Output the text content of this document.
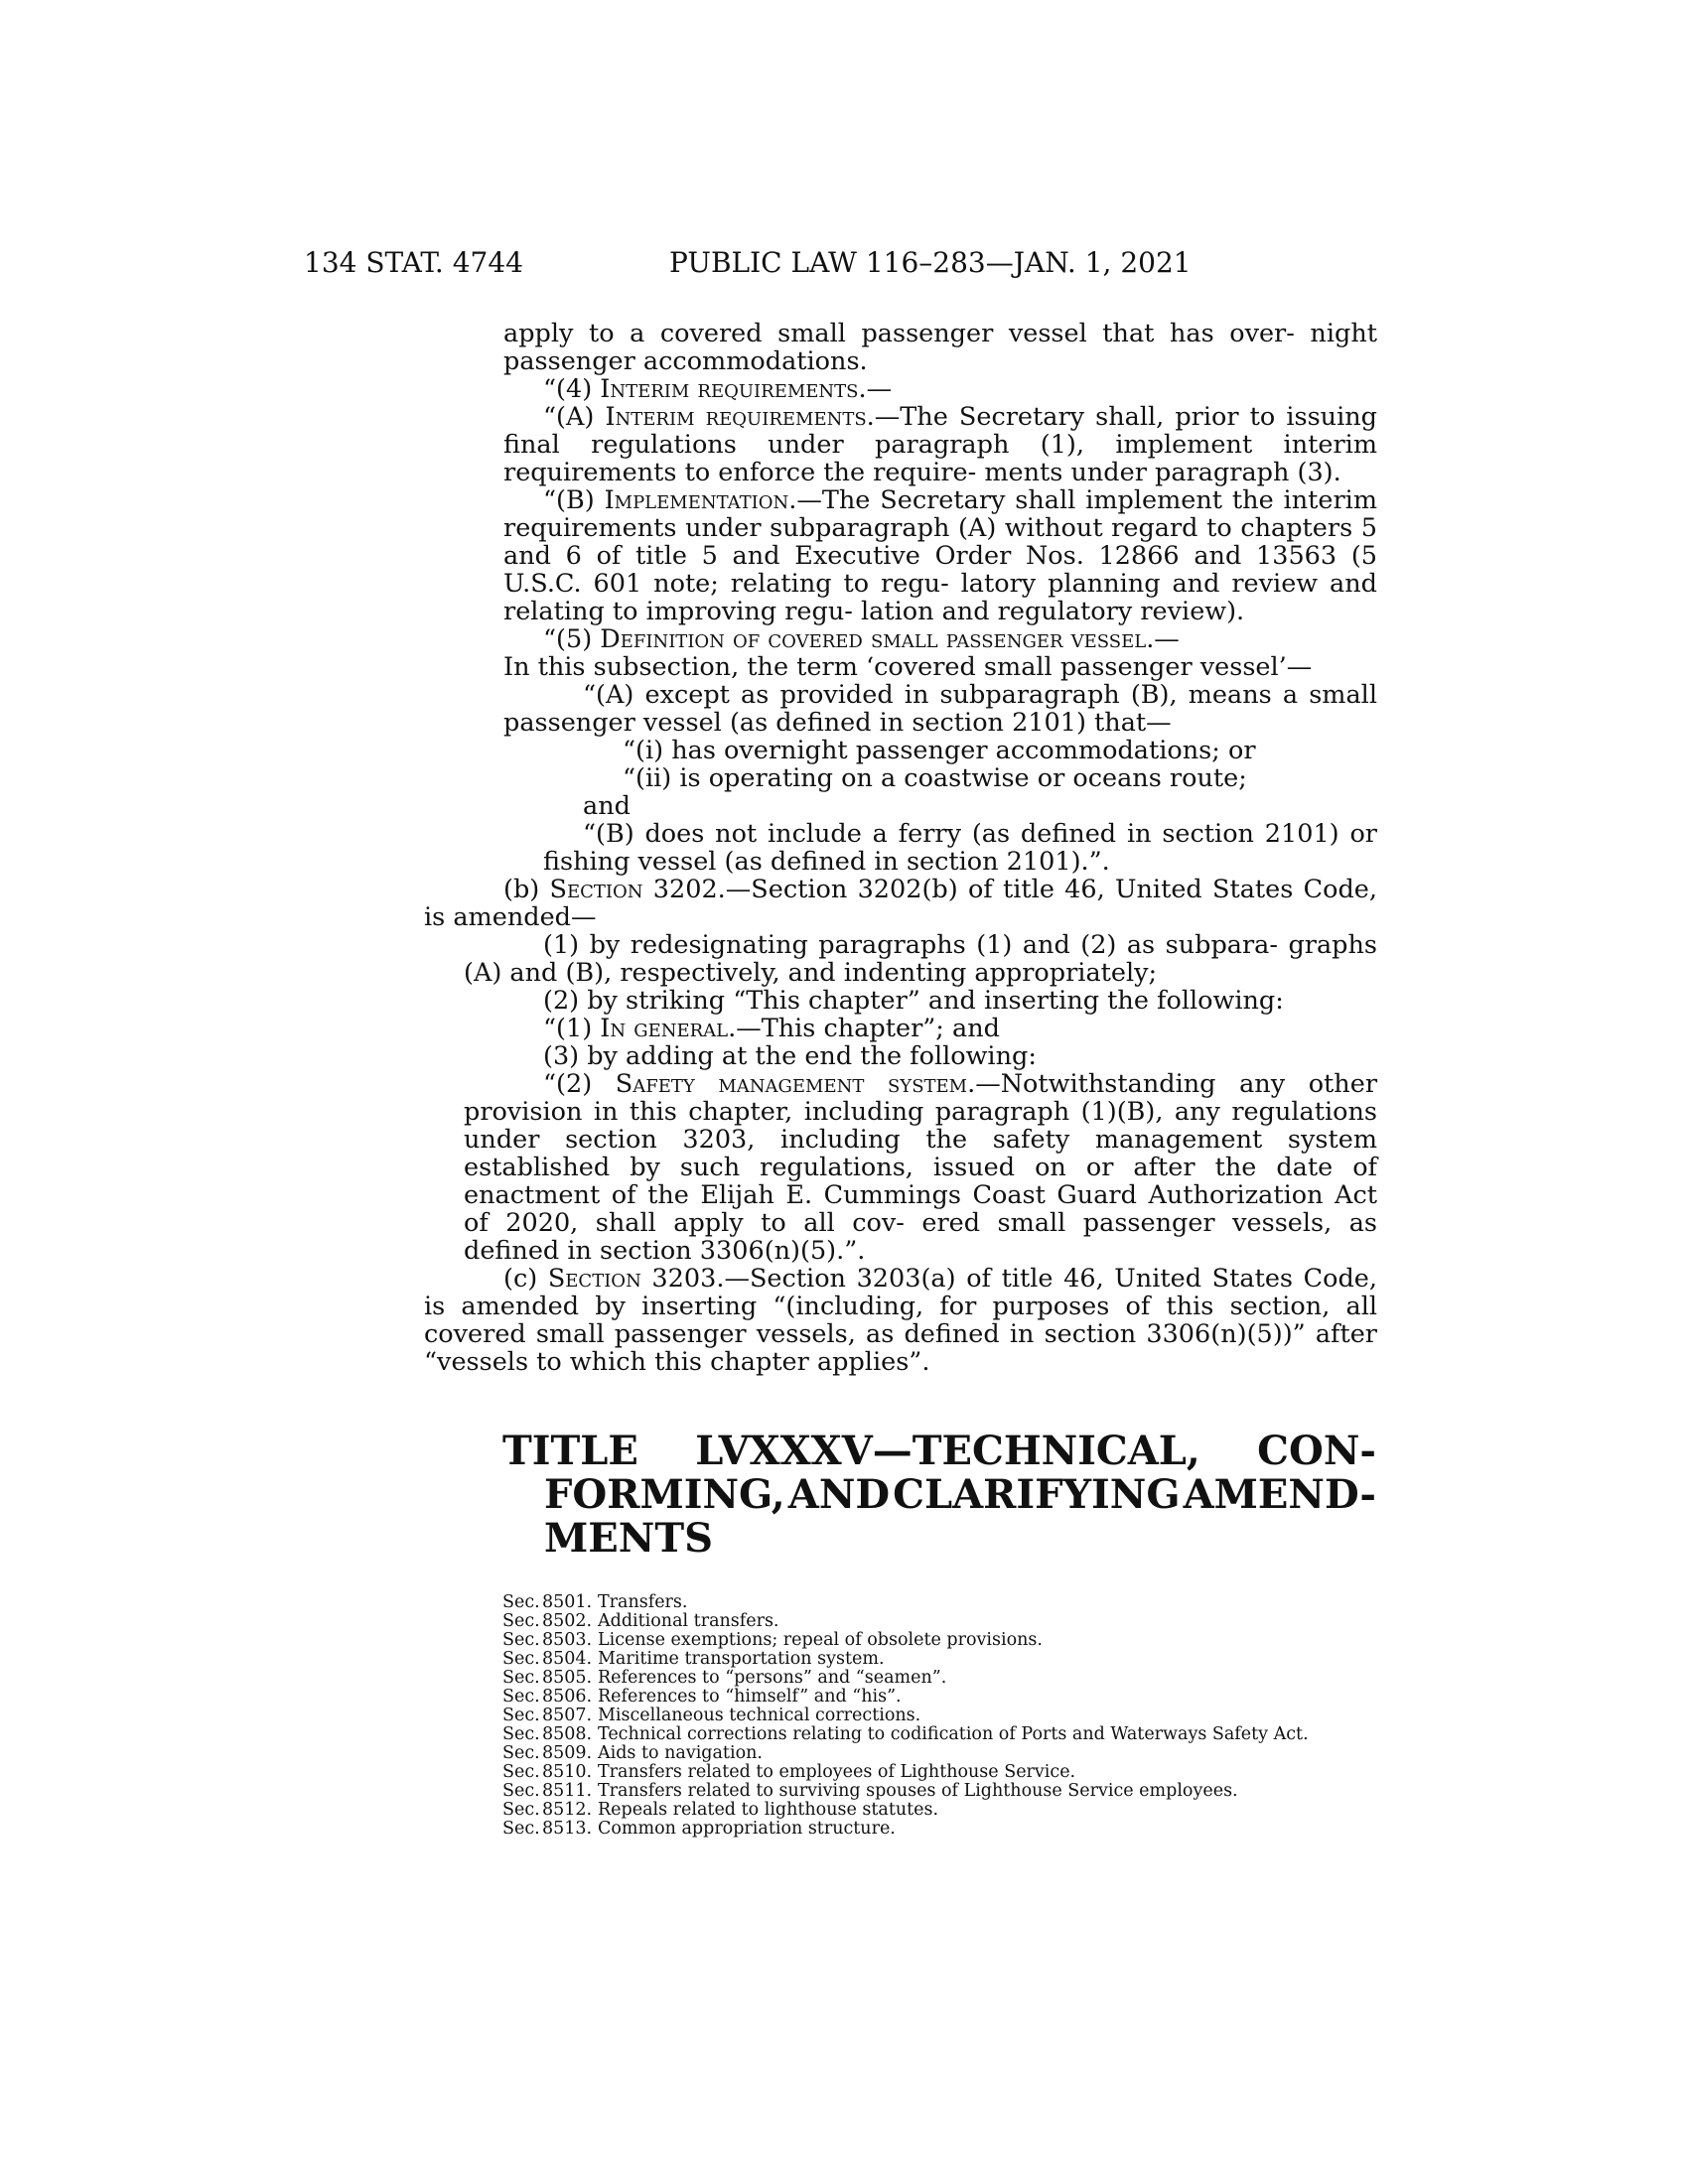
134 STAT. 4744	PUBLIC LAW 116–283—JAN. 1, 2021

apply to a covered small passenger vessel that has over- night passenger accommodations.

“(4) Interim requirements.—

“(A) Interim requirements.—The Secretary shall, prior to issuing final regulations under paragraph (1), implement interim requirements to enforce the require- ments under paragraph (3).

“(B) Implementation.—The Secretary shall implement the interim requirements under subparagraph (A) without regard to chapters 5 and 6 of title 5 and Executive Order Nos. 12866 and 13563 (5 U.S.C. 601 note; relating to regu- latory planning and review and relating to improving regu- lation and regulatory review).

“(5) Definition of covered small passenger vessel.—

In this subsection, the term ‘covered small passenger vessel’—

“(A) except as provided in subparagraph (B), means a small passenger vessel (as defined in section 2101) that—

“(i) has overnight passenger accommodations; or

“(ii) is operating on a coastwise or oceans route;

and

“(B) does not include a ferry (as defined in section 2101) or fishing vessel (as defined in section 2101).”.

(b) Section 3202.—Section 3202(b) of title 46, United States Code, is amended—

(1) by redesignating paragraphs (1) and (2) as subpara- graphs (A) and (B), respectively, and indenting appropriately;

(2) by striking “This chapter” and inserting the following:

“(1) In general.—This chapter”; and

(3) by adding at the end the following:

“(2) Safety management system.—Notwithstanding any other provision in this chapter, including paragraph (1)(B), any regulations under section 3203, including the safety management system established by such regulations, issued on or after the date of enactment of the Elijah E. Cummings Coast Guard Authorization Act of 2020, shall apply to all cov- ered small passenger vessels, as defined in section 3306(n)(5).”.

(c) Section 3203.—Section 3203(a) of title 46, United States Code, is amended by inserting “(including, for purposes of this section, all covered small passenger vessels, as defined in section 3306(n)(5))” after “vessels to which this chapter applies”.

TITLE LVXXXV—TECHNICAL, CON-
FORMING, AND CLARIFYING AMEND-
MENTS
Sec. 8501. Transfers.
Sec. 8502. Additional transfers.
Sec. 8503. License exemptions; repeal of obsolete provisions.
Sec. 8504. Maritime transportation system.
Sec. 8505. References to “persons” and “seamen”.
Sec. 8506. References to “himself” and “his”.
Sec. 8507. Miscellaneous technical corrections.
Sec. 8508. Technical corrections relating to codification of Ports and Waterways Safety Act.
Sec. 8509. Aids to navigation.
Sec. 8510. Transfers related to employees of Lighthouse Service.
Sec. 8511. Transfers related to surviving spouses of Lighthouse Service employees.
Sec. 8512. Repeals related to lighthouse statutes.
Sec. 8513. Common appropriation structure.
